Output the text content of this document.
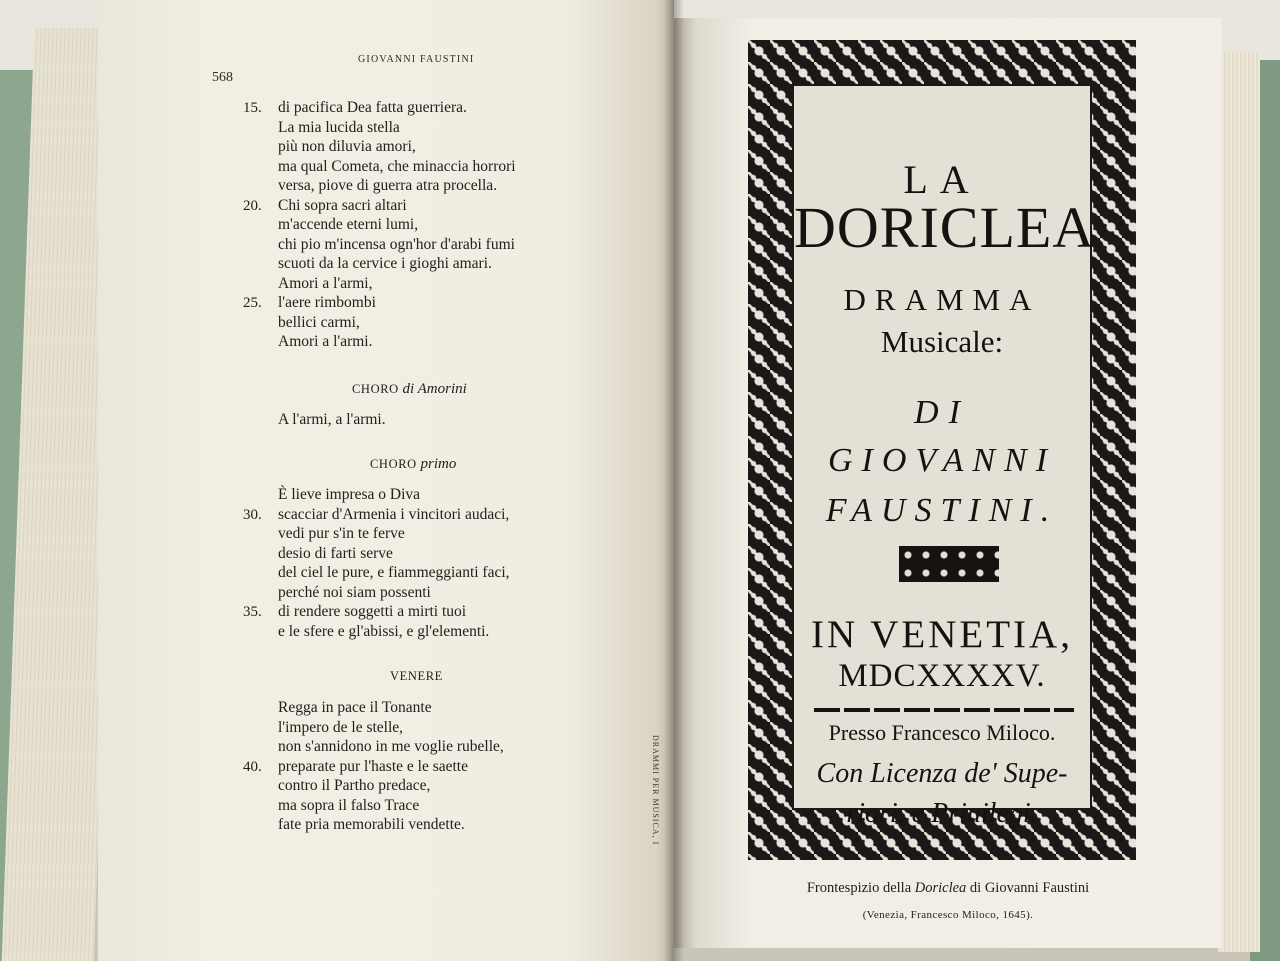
DRAMMI PER MUSICA, I
568
GIOVANNI FAUSTINI
di pacifica Dea fatta guerriera.
15.
La mia lucida stella
più non diluvia amori,
ma qual Cometa, che minaccia horrori
versa, piove di guerra atra procella.
Chi sopra sacri altari
20.
m'accende eterni lumi,
chi pio m'incensa ogn'hor d'arabi fumi
scuoti da la cervice i gioghi amari.
Amori a l'armi,
l'aere rimbombi
25.
bellici carmi,
Amori a l'armi.
CHORO di Amorini
A l'armi, a l'armi.
CHORO primo
È lieve impresa o Diva
scacciar d'Armenia i vincitori audaci,
30.
vedi pur s'in te ferve
desio di farti serve
del ciel le pure, e fiammeggianti faci,
perché noi siam possenti
di rendere soggetti a mirti tuoi
35.
e le sfere e gl'abissi, e gl'elementi.
VENERE
Regga in pace il Tonante
l'impero de le stelle,
non s'annidono in me voglie rubelle,
preparate pur l'haste e le saette
40.
contro il Partho predace,
ma sopra il falso Trace
fate pria memorabili vendette.
LA
DORICLEA
DRAMMA
Musicale:
DI
GIOVANNI
FAUSTINI.
IN VENETIA,
MDCXXXXV.
Presso Francesco Miloco.
Con Licenza de' Supe-
riori, e Priuilegi.
Frontespizio della Doriclea di Giovanni Faustini
(Venezia, Francesco Miloco, 1645).
